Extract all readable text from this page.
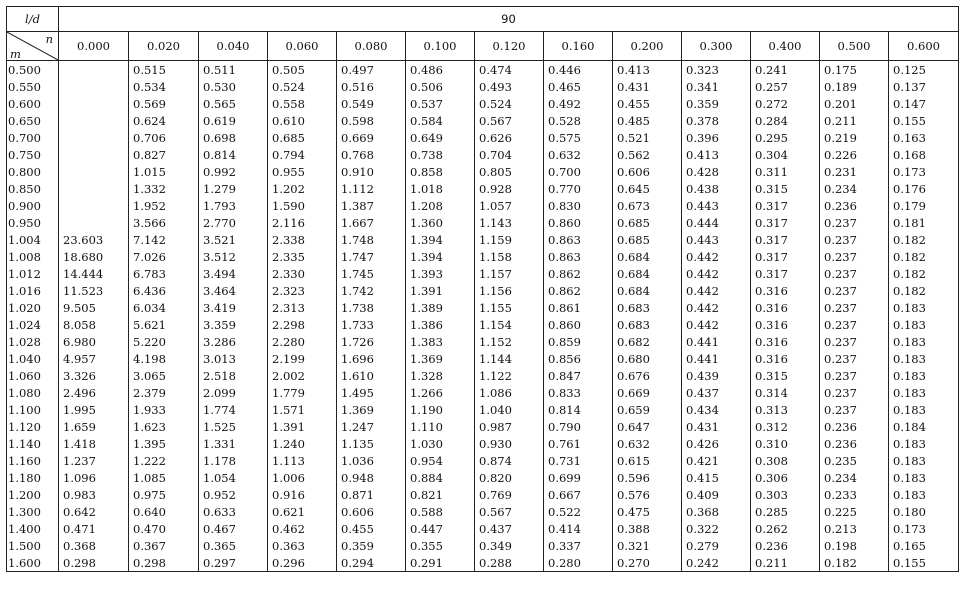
l/d	90												

n
m	0.000	0.020	0.040	0.060	0.080	0.100	0.120	0.160	0.200	0.300	0.400	0.500	0.600
0.500		0.515	0.511	0.505	0.497	0.486	0.474	0.446	0.413	0.323	0.241	0.175	0.125
0.550		0.534	0.530	0.524	0.516	0.506	0.493	0.465	0.431	0.341	0.257	0.189	0.137
0.600		0.569	0.565	0.558	0.549	0.537	0.524	0.492	0.455	0.359	0.272	0.201	0.147
0.650		0.624	0.619	0.610	0.598	0.584	0.567	0.528	0.485	0.378	0.284	0.211	0.155
0.700		0.706	0.698	0.685	0.669	0.649	0.626	0.575	0.521	0.396	0.295	0.219	0.163
0.750		0.827	0.814	0.794	0.768	0.738	0.704	0.632	0.562	0.413	0.304	0.226	0.168
0.800		1.015	0.992	0.955	0.910	0.858	0.805	0.700	0.606	0.428	0.311	0.231	0.173
0.850		1.332	1.279	1.202	1.112	1.018	0.928	0.770	0.645	0.438	0.315	0.234	0.176
0.900		1.952	1.793	1.590	1.387	1.208	1.057	0.830	0.673	0.443	0.317	0.236	0.179
0.950		3.566	2.770	2.116	1.667	1.360	1.143	0.860	0.685	0.444	0.317	0.237	0.181
1.004	23.603	7.142	3.521	2.338	1.748	1.394	1.159	0.863	0.685	0.443	0.317	0.237	0.182
1.008	18.680	7.026	3.512	2.335	1.747	1.394	1.158	0.863	0.684	0.442	0.317	0.237	0.182
1.012	14.444	6.783	3.494	2.330	1.745	1.393	1.157	0.862	0.684	0.442	0.317	0.237	0.182
1.016	11.523	6.436	3.464	2.323	1.742	1.391	1.156	0.862	0.684	0.442	0.316	0.237	0.182
1.020	9.505	6.034	3.419	2.313	1.738	1.389	1.155	0.861	0.683	0.442	0.316	0.237	0.183
1.024	8.058	5.621	3.359	2.298	1.733	1.386	1.154	0.860	0.683	0.442	0.316	0.237	0.183
1.028	6.980	5.220	3.286	2.280	1.726	1.383	1.152	0.859	0.682	0.441	0.316	0.237	0.183
1.040	4.957	4.198	3.013	2.199	1.696	1.369	1.144	0.856	0.680	0.441	0.316	0.237	0.183
1.060	3.326	3.065	2.518	2.002	1.610	1.328	1.122	0.847	0.676	0.439	0.315	0.237	0.183
1.080	2.496	2.379	2.099	1.779	1.495	1.266	1.086	0.833	0.669	0.437	0.314	0.237	0.183
1.100	1.995	1.933	1.774	1.571	1.369	1.190	1.040	0.814	0.659	0.434	0.313	0.237	0.183
1.120	1.659	1.623	1.525	1.391	1.247	1.110	0.987	0.790	0.647	0.431	0.312	0.236	0.184
1.140	1.418	1.395	1.331	1.240	1.135	1.030	0.930	0.761	0.632	0.426	0.310	0.236	0.183
1.160	1.237	1.222	1.178	1.113	1.036	0.954	0.874	0.731	0.615	0.421	0.308	0.235	0.183
1.180	1.096	1.085	1.054	1.006	0.948	0.884	0.820	0.699	0.596	0.415	0.306	0.234	0.183
1.200	0.983	0.975	0.952	0.916	0.871	0.821	0.769	0.667	0.576	0.409	0.303	0.233	0.183
1.300	0.642	0.640	0.633	0.621	0.606	0.588	0.567	0.522	0.475	0.368	0.285	0.225	0.180
1.400	0.471	0.470	0.467	0.462	0.455	0.447	0.437	0.414	0.388	0.322	0.262	0.213	0.173
1.500	0.368	0.367	0.365	0.363	0.359	0.355	0.349	0.337	0.321	0.279	0.236	0.198	0.165
1.600	0.298	0.298	0.297	0.296	0.294	0.291	0.288	0.280	0.270	0.242	0.211	0.182	0.155
